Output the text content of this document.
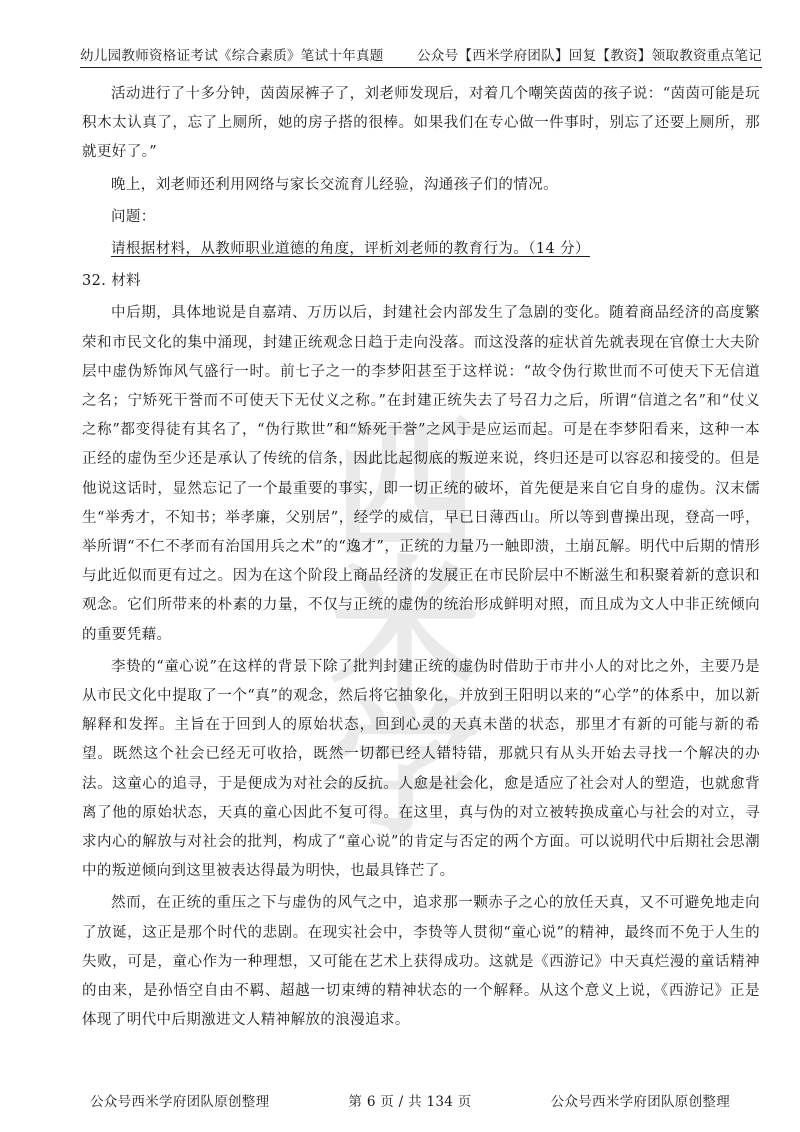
幼儿园教师资格证考试《综合素质》笔试十年真题 公众号【西米学府团队】回复【教资】领取教资重点笔记
西
米
学

活动进行了十多分钟，茵茵尿裤子了，刘老师发现后，对着几个嘲笑茵茵的孩子说：“茵茵可能是玩积木太认真了，忘了上厕所，她的房子搭的很棒。如果我们在专心做一件事时，别忘了还要上厕所，那就更好了。”

晚上，刘老师还利用网络与家长交流育儿经验，沟通孩子们的情况。

问题：

请根据材料，从教师职业道德的角度，评析刘老师的教育行为。（14 分）

32. 材料

中后期，具体地说是自嘉靖、万历以后，封建社会内部发生了急剧的变化。随着商品经济的高度繁荣和市民文化的集中涌现，封建正统观念日趋于走向没落。而这没落的症状首先就表现在官僚士大夫阶层中虚伪矫饰风气盛行一时。前七子之一的李梦阳甚至于这样说：“故令伪行欺世而不可使天下无信道之名；宁矫死干誉而不可使天下无仗义之称。”在封建正统失去了号召力之后，所谓“信道之名”和“仗义之称”都变得徒有其名了，“伪行欺世”和“矫死干誉”之风于是应运而起。可是在李梦阳看来，这种一本正经的虚伪至少还是承认了传统的信条，因此比起彻底的叛逆来说，终归还是可以容忍和接受的。但是他说这话时，显然忘记了一个最重要的事实，即一切正统的破坏，首先便是来自它自身的虚伪。汉末儒生“举秀才，不知书；举孝廉，父别居”，经学的威信，早已日薄西山。所以等到曹操出现，登高一呼，举所谓“不仁不孝而有治国用兵之术”的“逸才”，正统的力量乃一触即溃，土崩瓦解。明代中后期的情形与此近似而更有过之。因为在这个阶段上商品经济的发展正在市民阶层中不断滋生和积聚着新的意识和观念。它们所带来的朴素的力量，不仅与正统的虚伪的统治形成鲜明对照，而且成为文人中非正统倾向的重要凭藉。

李贽的“童心说”在这样的背景下除了批判封建正统的虚伪时借助于市井小人的对比之外，主要乃是从市民文化中提取了一个“真”的观念，然后将它抽象化，并放到王阳明以来的“心学”的体系中，加以新解释和发挥。主旨在于回到人的原始状态，回到心灵的天真未凿的状态，那里才有新的可能与新的希望。既然这个社会已经无可收拾，既然一切都已经人错特错，那就只有从头开始去寻找一个解决的办法。这童心的追寻，于是便成为对社会的反抗。人愈是社会化，愈是适应了社会对人的塑造，也就愈背离了他的原始状态，天真的童心因此不复可得。在这里，真与伪的对立被转换成童心与社会的对立，寻求内心的解放与对社会的批判，构成了“童心说”的肯定与否定的两个方面。可以说明代中后期社会思潮中的叛逆倾向到这里被表达得最为明快，也最具锋芒了。

然而，在正统的重压之下与虚伪的风气之中，追求那一颗赤子之心的放任天真，又不可避免地走向了放诞，这正是那个时代的悲剧。在现实社会中，李贽等人贯彻“童心说”的精神，最终而不免于人生的失败，可是，童心作为一种理想，又可能在艺术上获得成功。这就是《西游记》中天真烂漫的童话精神的由来，是孙悟空自由不羁、超越一切束缚的精神状态的一个解释。从这个意义上说，《西游记》正是体现了明代中后期激进文人精神解放的浪漫追求。

公众号西米学府团队原创整理	第 6 页 / 共 134 页	公众号西米学府团队原创整理
